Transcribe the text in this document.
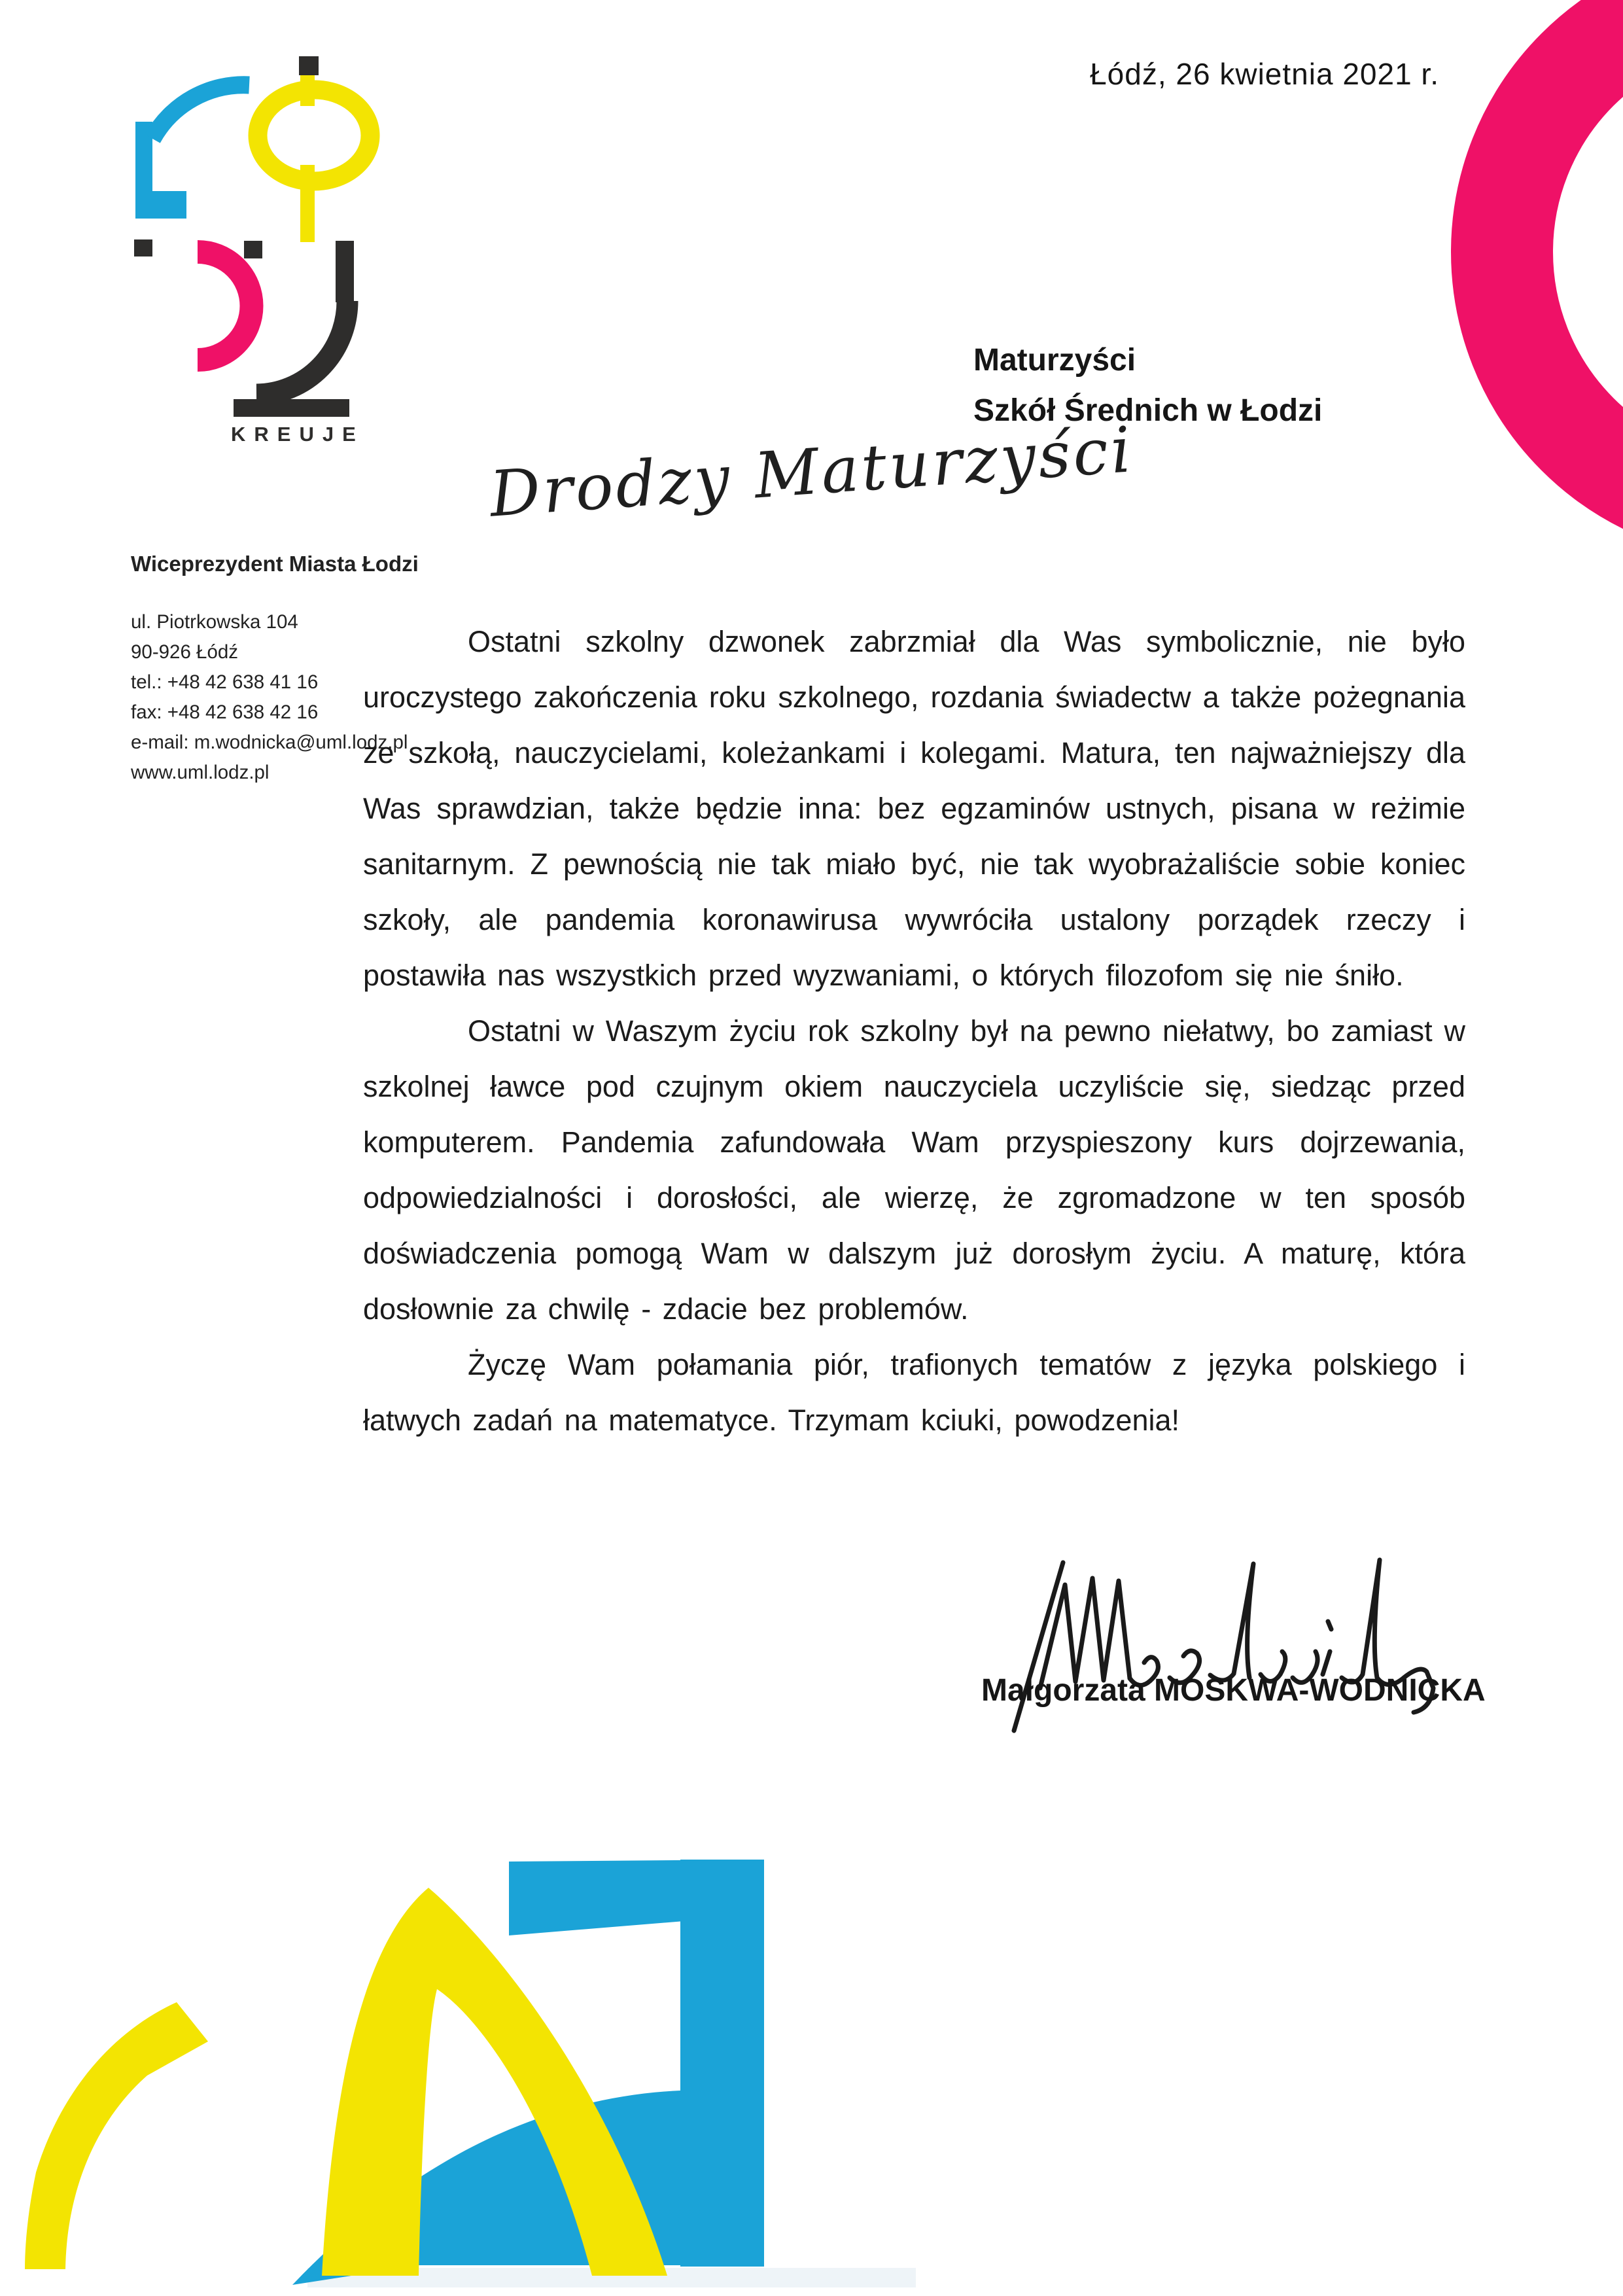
Łódź, 26 kwietnia 2021 r.
KREUJE
Wiceprezydent Miasta Łodzi
ul. Piotrkowska 104
90-926 Łódź
tel.: +48 42 638 41 16
fax: +48 42 638 42 16
e-mail: m.wodnicka@uml.lodz.pl
www.uml.lodz.pl
Maturzyści
Szkół Średnich w Łodzi
Drodzy Maturzyści

Ostatni szkolny dzwonek zabrzmiał dla Was symbolicznie, nie było uroczystego zakończenia roku szkolnego, rozdania świadectw a także pożegnania ze szkołą, nauczycielami, koleżankami i kolegami. Matura, ten najważniejszy dla Was sprawdzian, także będzie inna: bez egzaminów ustnych, pisana w reżimie sanitarnym. Z pewnością nie tak miało być, nie tak wyobrażaliście sobie koniec szkoły, ale pandemia koronawirusa wywróciła ustalony porządek rzeczy i postawiła nas wszystkich przed wyzwaniami, o których filozofom się nie śniło.

Ostatni w Waszym życiu rok szkolny był na pewno niełatwy, bo zamiast w szkolnej ławce pod czujnym okiem nauczyciela uczyliście się, siedząc przed komputerem. Pandemia zafundowała Wam przyspieszony kurs dojrzewania, odpowiedzialności i dorosłości, ale wierzę, że zgromadzone w ten sposób doświadczenia pomogą Wam w dalszym już dorosłym życiu. A maturę, która dosłownie za chwilę - zdacie bez problemów.

Życzę Wam połamania piór, trafionych tematów z języka polskiego i łatwych zadań na matematyce. Trzymam kciuki, powodzenia!

Małgorzata MOSKWA-WODNICKA
